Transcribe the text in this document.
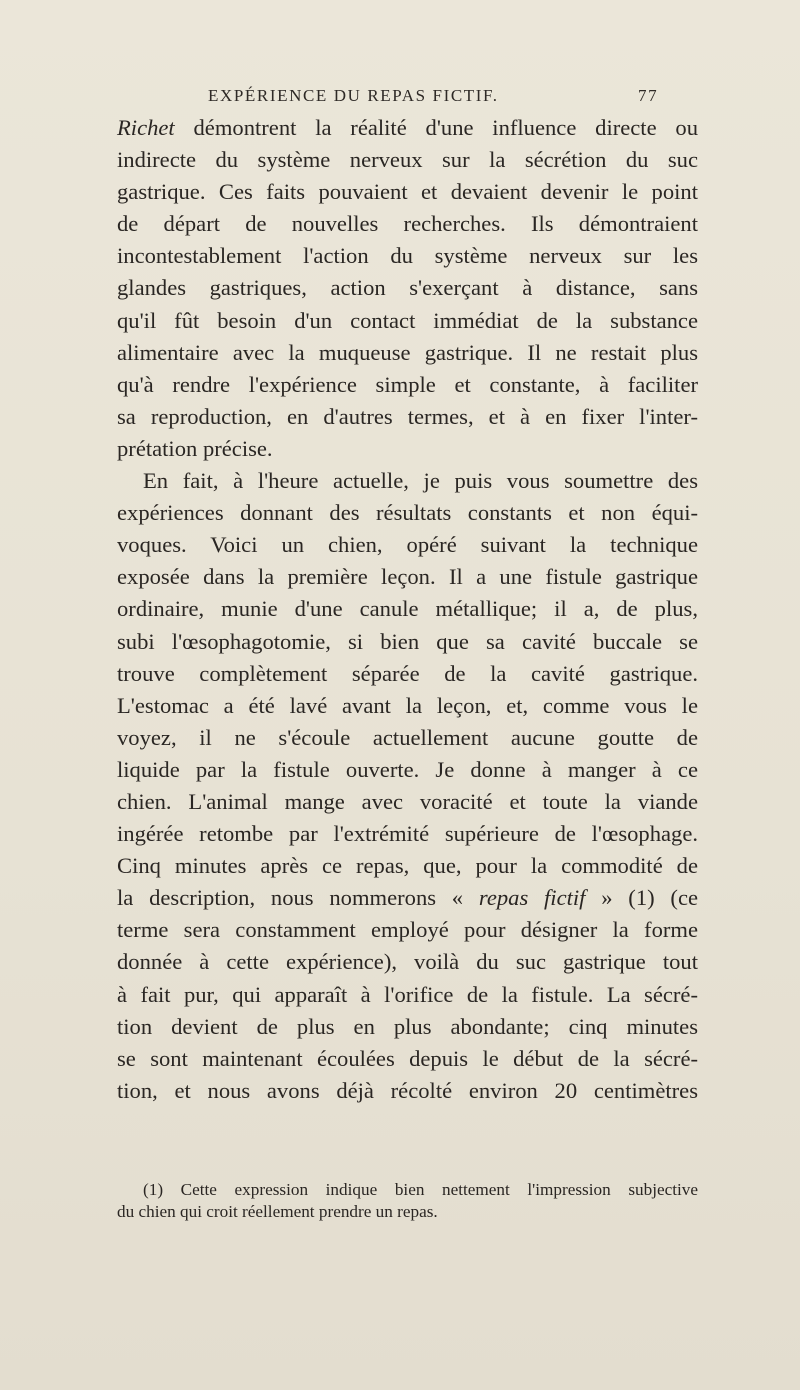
EXPÉRIENCE DU REPAS FICTIF.	77
Richet démontrent la réalité d'une influence directe ou
indirecte du système nerveux sur la sécrétion du suc
gastrique. Ces faits pouvaient et devaient devenir le point
de départ de nouvelles recherches. Ils démontraient
incontestablement l'action du système nerveux sur les
glandes gastriques, action s'exerçant à distance, sans
qu'il fût besoin d'un contact immédiat de la substance
alimentaire avec la muqueuse gastrique. Il ne restait plus
qu'à rendre l'expérience simple et constante, à faciliter
sa reproduction, en d'autres termes, et à en fixer l'inter-
prétation précise.
En fait, à l'heure actuelle, je puis vous soumettre des
expériences donnant des résultats constants et non équi-
voques. Voici un chien, opéré suivant la technique
exposée dans la première leçon. Il a une fistule gastrique
ordinaire, munie d'une canule métallique; il a, de plus,
subi l'œsophagotomie, si bien que sa cavité buccale se
trouve complètement séparée de la cavité gastrique.
L'estomac a été lavé avant la leçon, et, comme vous le
voyez, il ne s'écoule actuellement aucune goutte de
liquide par la fistule ouverte. Je donne à manger à ce
chien. L'animal mange avec voracité et toute la viande
ingérée retombe par l'extrémité supérieure de l'œsophage.
Cinq minutes après ce repas, que, pour la commodité de
la description, nous nommerons « repas fictif » (1) (ce
terme sera constamment employé pour désigner la forme
donnée à cette expérience), voilà du suc gastrique tout
à fait pur, qui apparaît à l'orifice de la fistule. La sécré-
tion devient de plus en plus abondante; cinq minutes
se sont maintenant écoulées depuis le début de la sécré-
tion, et nous avons déjà récolté environ 20 centimètres
(1) Cette expression indique bien nettement l'impression subjective
du chien qui croit réellement prendre un repas.
